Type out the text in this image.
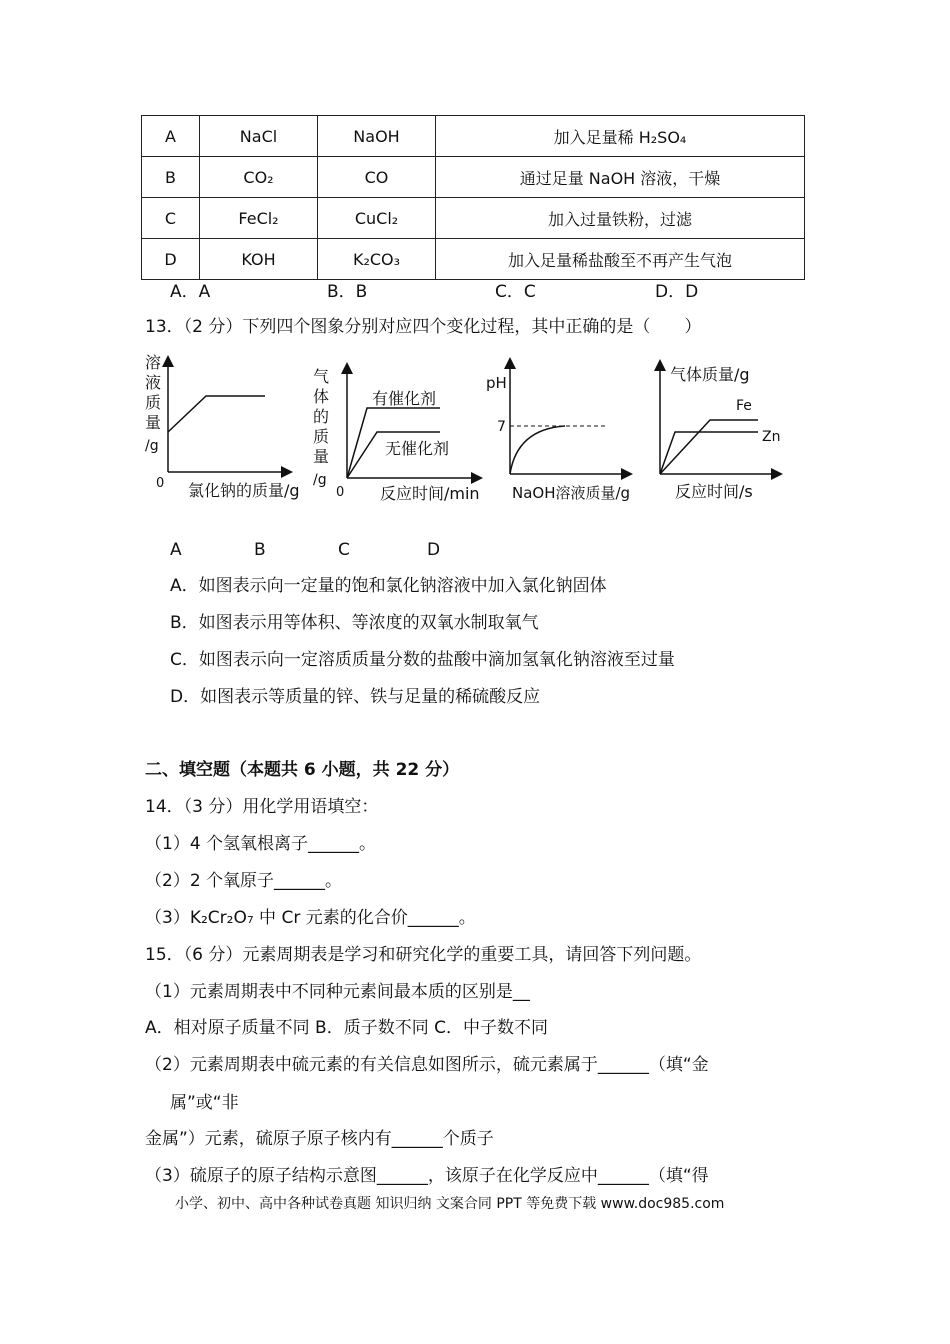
A	NaCl	NaOH	加入足量稀 H₂SO₄
B	CO₂	CO	通过足量 NaOH 溶液，干燥
C	FeCl₂	CuCl₂	加入过量铁粉，过滤
D	KOH	K₂CO₃	加入足量稀盐酸至不再产生气泡
A．A	B．B	C．C	D．D
13．（2 分）下列四个图象分别对应四个变化过程，其中正确的是（　　）
溶
液
质
量
/g
0 氯化钠的质量/g
气
体
的
质
量
/g
0
有催化剂
无催化剂
反应时间/min
pH
7
NaOH溶液质量/g
气体质量/g
Fe
Zn
反应时间/s
A	B	C	D
A．如图表示向一定量的饱和氯化钠溶液中加入氯化钠固体
B．如图表示用等体积、等浓度的双氧水制取氧气
C．如图表示向一定溶质质量分数的盐酸中滴加氢氧化钠溶液至过量
D．如图表示等质量的锌、铁与足量的稀硫酸反应
二、填空题（本题共 6 小题，共 22 分）
14．（3 分）用化学用语填空：
（1）4 个氢氧根离子______。
（2）2 个氧原子______。
（3）K₂Cr₂O₇ 中 Cr 元素的化合价______。
15．（6 分）元素周期表是学习和研究化学的重要工具，请回答下列问题。
（1）元素周期表中不同种元素间最本质的区别是__
A．相对原子质量不同 B．质子数不同 C．中子数不同
（2）元素周期表中硫元素的有关信息如图所示，硫元素属于______（填“金
属”或“非
金属”）元素，硫原子原子核内有______个质子
（3）硫原子的原子结构示意图______，该原子在化学反应中______（填“得
小学、初中、高中各种试卷真题 知识归纳 文案合同 PPT 等免费下载 www.doc985.com
